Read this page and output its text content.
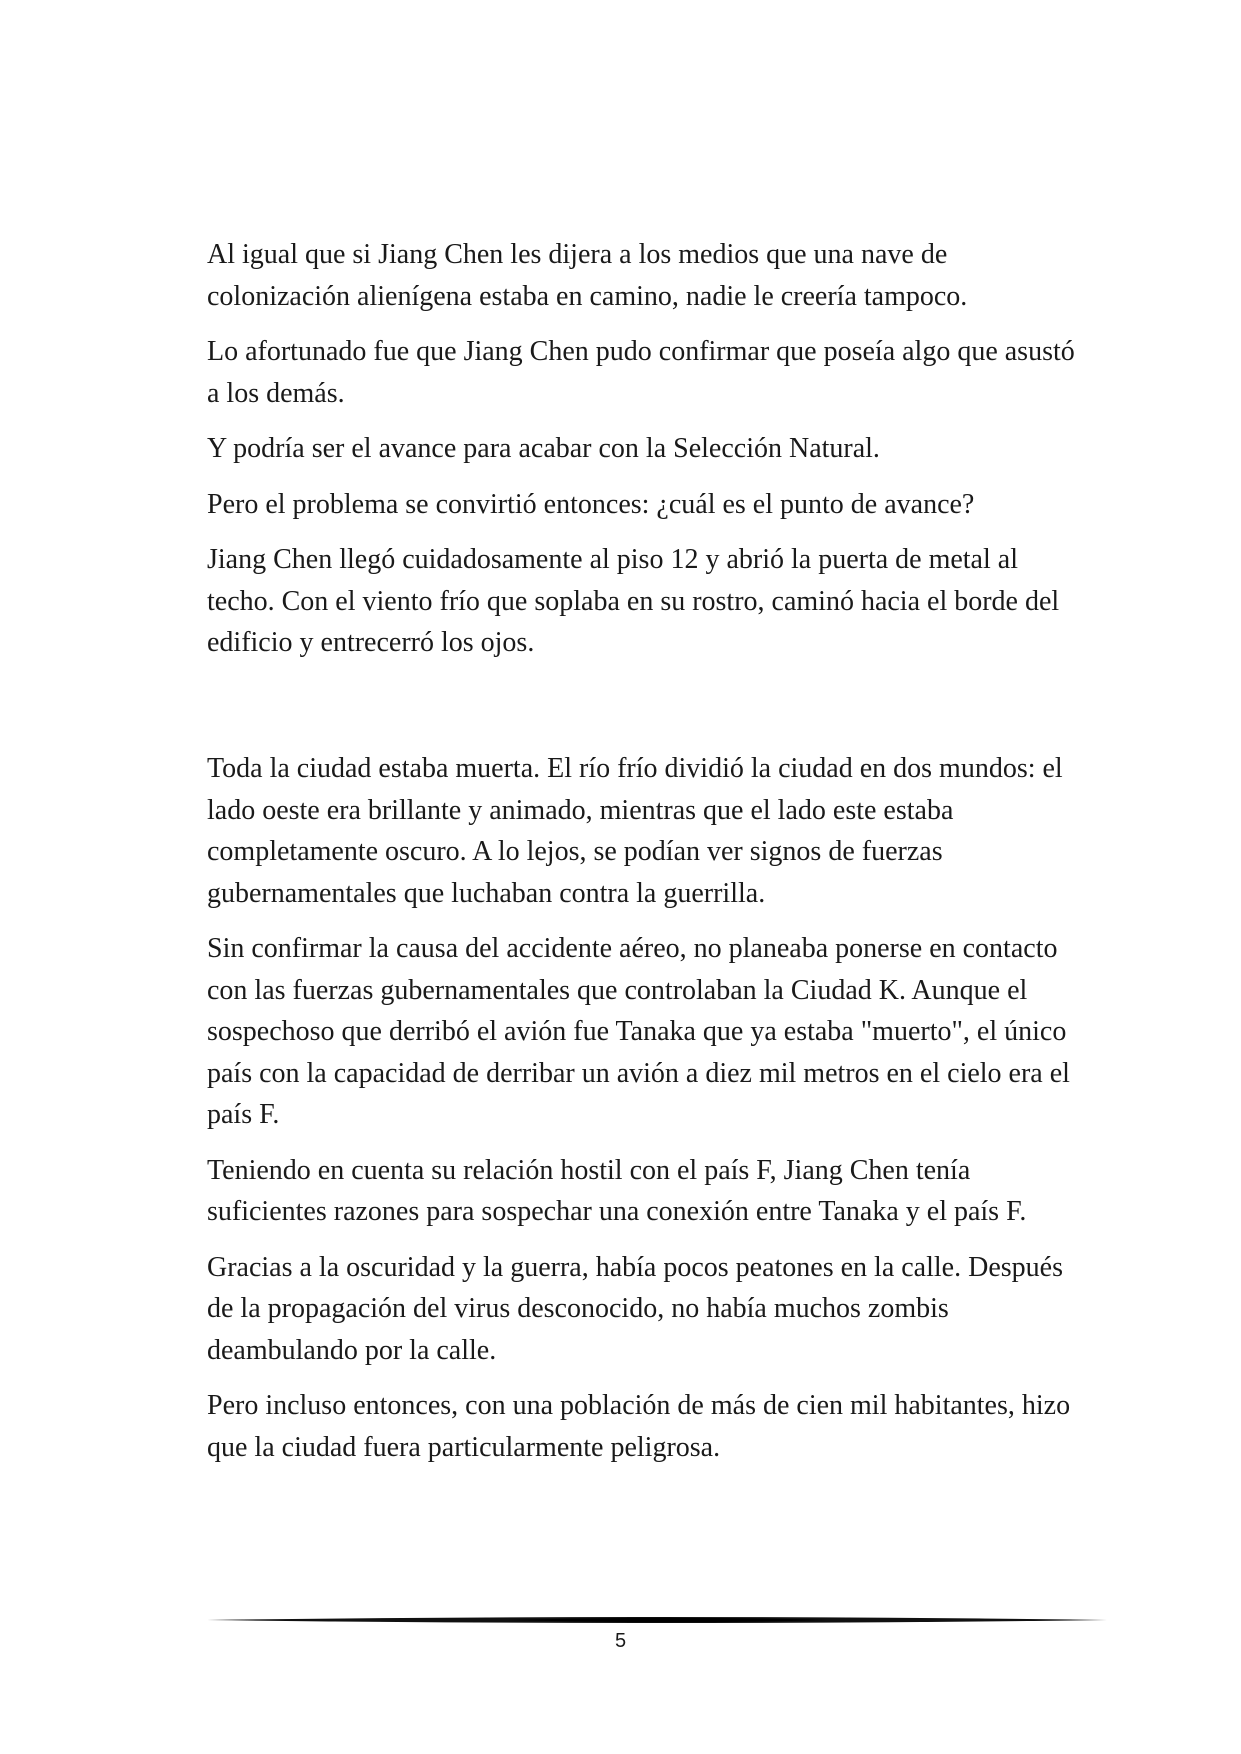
Al igual que si Jiang Chen les dijera a los medios que una nave de colonización alienígena estaba en camino, nadie le creería tampoco.

Lo afortunado fue que Jiang Chen pudo confirmar que poseía algo que asustó a los demás.

Y podría ser el avance para acabar con la Selección Natural.

Pero el problema se convirtió entonces: ¿cuál es el punto de avance?

Jiang Chen llegó cuidadosamente al piso 12 y abrió la puerta de metal al techo. Con el viento frío que soplaba en su rostro, caminó hacia el borde del edificio y entrecerró los ojos.

Toda la ciudad estaba muerta. El río frío dividió la ciudad en dos mundos: el lado oeste era brillante y animado, mientras que el lado este estaba completamente oscuro. A lo lejos, se podían ver signos de fuerzas gubernamentales que luchaban contra la guerrilla.

Sin confirmar la causa del accidente aéreo, no planeaba ponerse en contacto con las fuerzas gubernamentales que controlaban la Ciudad K. Aunque el sospechoso que derribó el avión fue Tanaka que ya estaba "muerto", el único país con la capacidad de derribar un avión a diez mil metros en el cielo era el país F.

Teniendo en cuenta su relación hostil con el país F, Jiang Chen tenía suficientes razones para sospechar una conexión entre Tanaka y el país F.

Gracias a la oscuridad y la guerra, había pocos peatones en la calle. Después de la propagación del virus desconocido, no había muchos zombis deambulando por la calle.

Pero incluso entonces, con una población de más de cien mil habitantes, hizo que la ciudad fuera particularmente peligrosa.

5
